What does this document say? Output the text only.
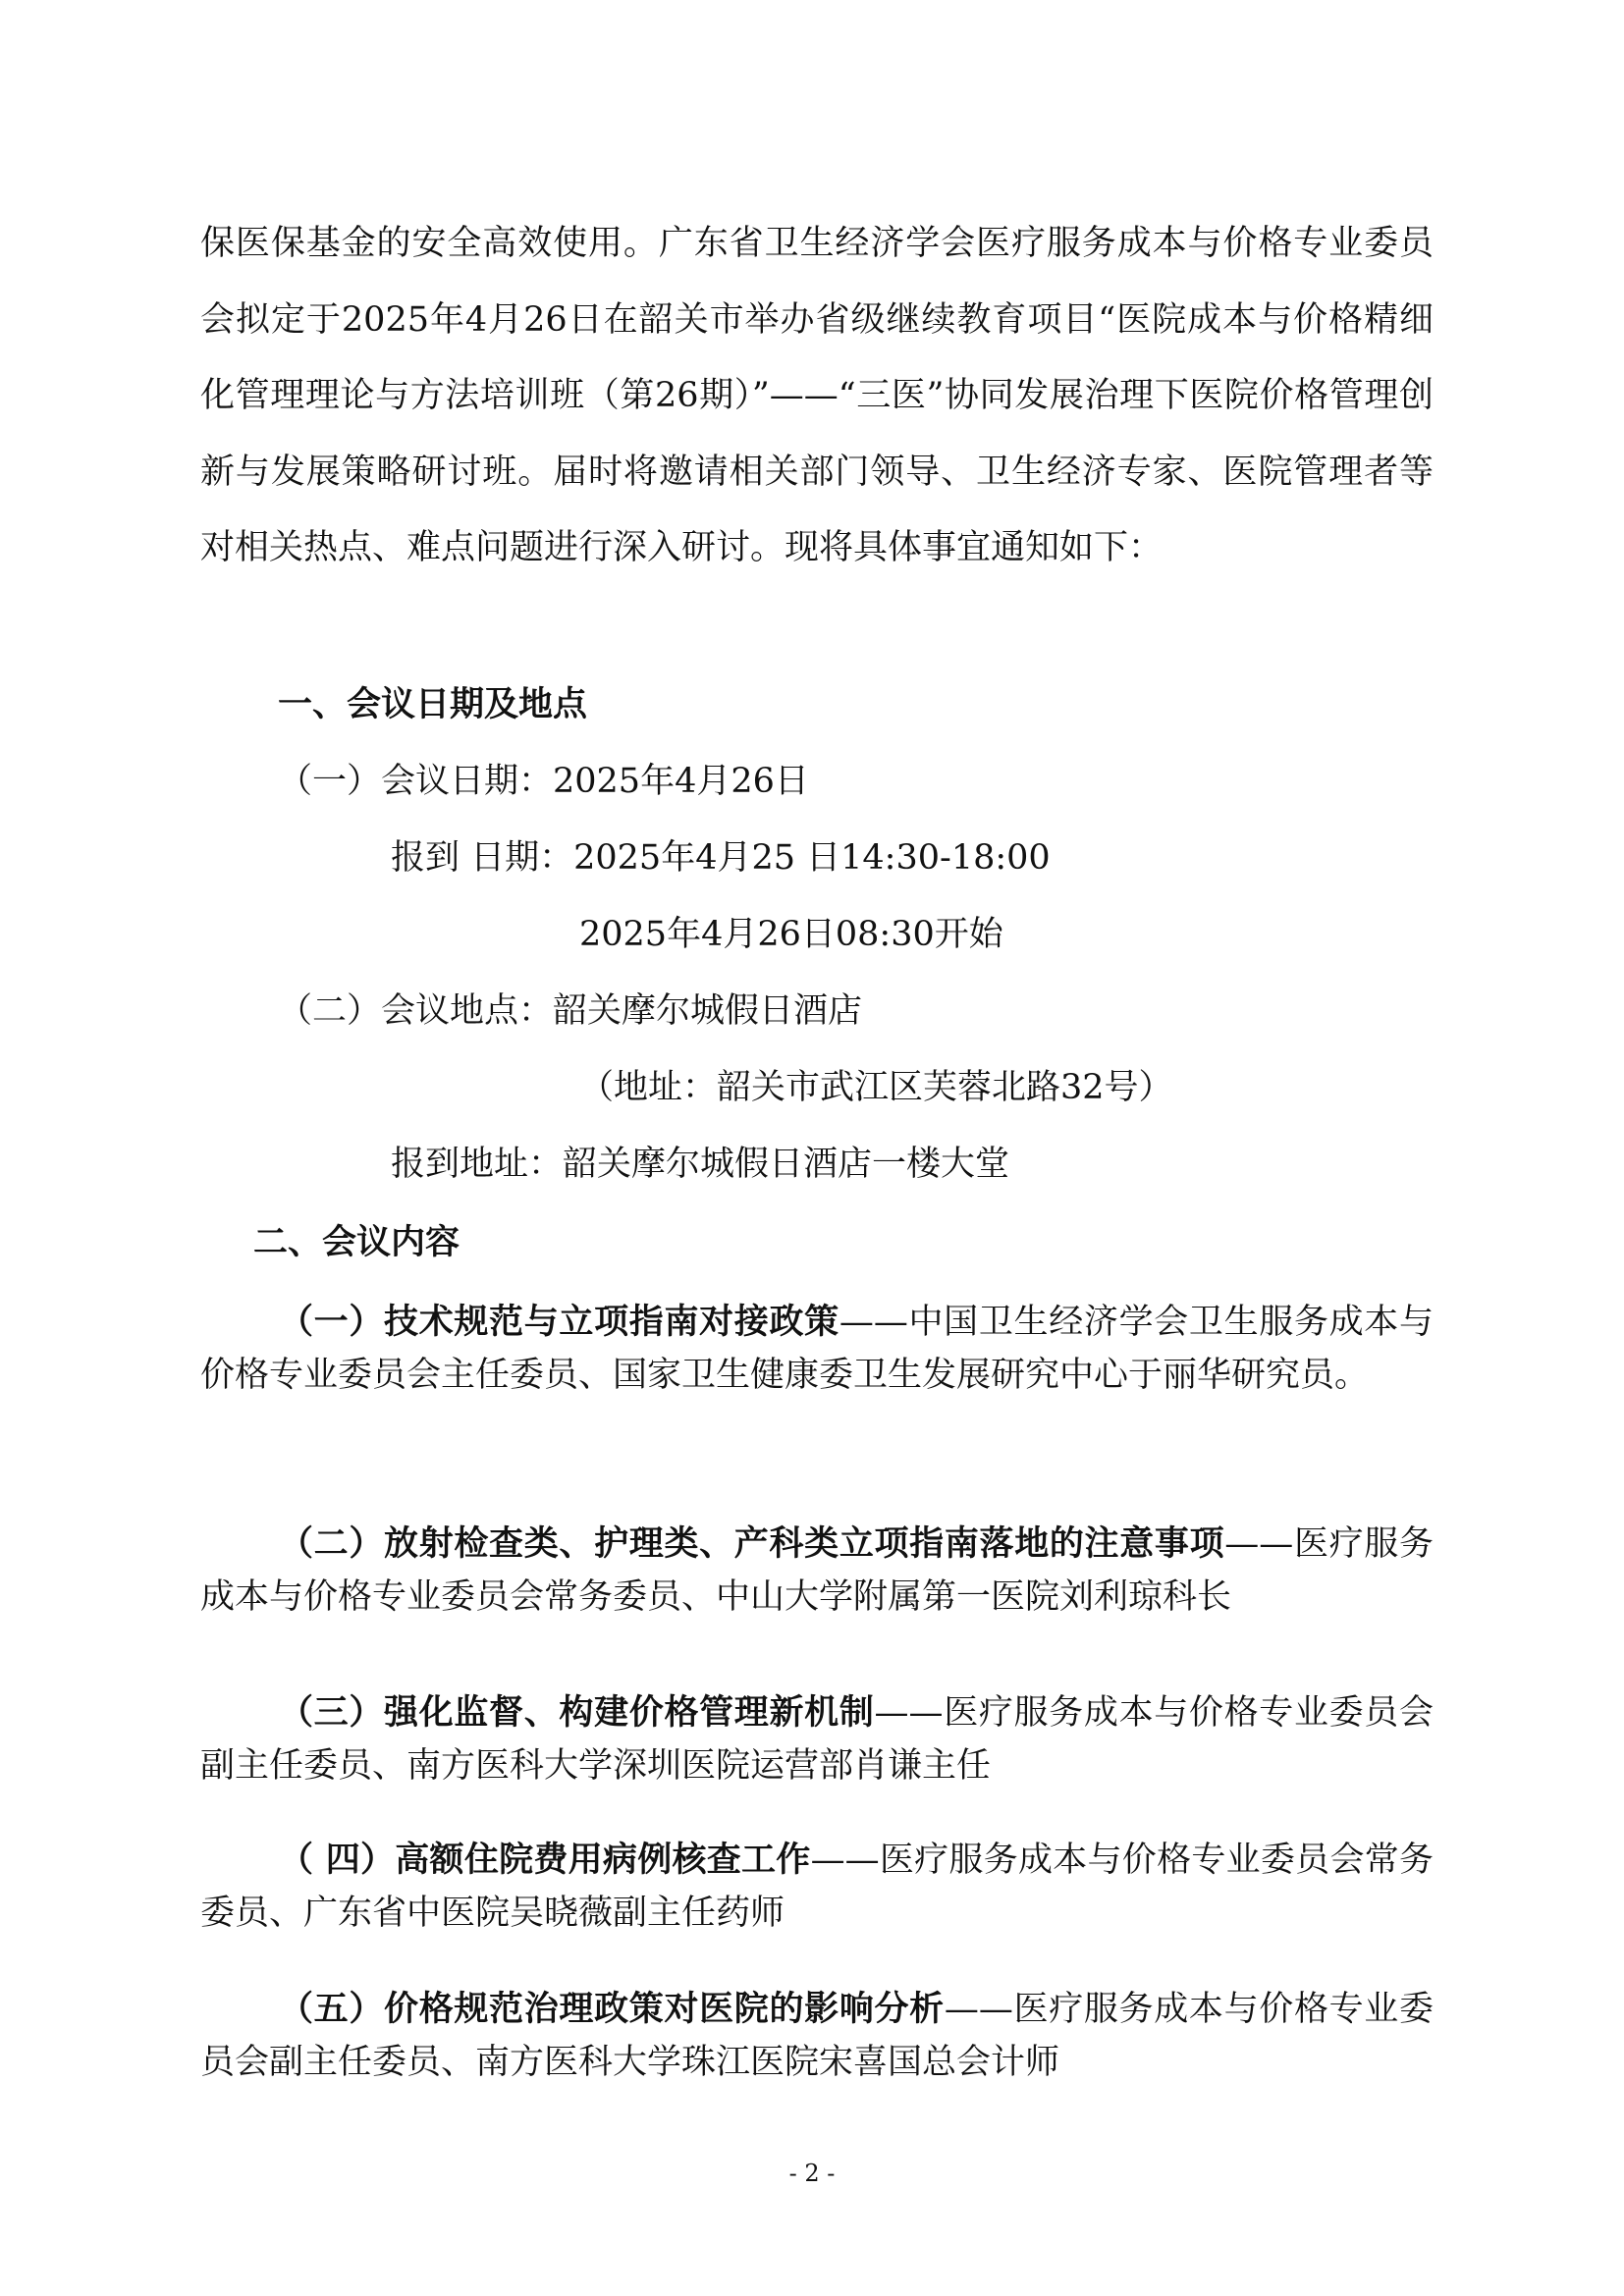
保医保基金的安全高效使用。广东省卫生经济学会医疗服务成本与价格专业委员会拟定于2025年4月26日在韶关市举办省级继续教育项目“医院成本与价格精细化管理理论与方法培训班（第26期）”——“三医”协同发展治理下医院价格管理创新与发展策略研讨班。届时将邀请相关部门领导、卫生经济专家、医院管理者等对相关热点、难点问题进行深入研讨。现将具体事宜通知如下：

一、会议日期及地点
（一）会议日期：2025年4月26日
报到 日期：2025年4月25 日14:30-18:00
2025年4月26日08:30开始
（二）会议地点：韶关摩尔城假日酒店
（地址：韶关市武江区芙蓉北路32号）
报到地址：韶关摩尔城假日酒店一楼大堂
二、会议内容

（一）技术规范与立项指南对接政策——中国卫生经济学会卫生服务成本与价格专业委员会主任委员、国家卫生健康委卫生发展研究中心于丽华研究员。

（二）放射检查类、护理类、产科类立项指南落地的注意事项——医疗服务成本与价格专业委员会常务委员、中山大学附属第一医院刘利琼科长

（三）强化监督、构建价格管理新机制——医疗服务成本与价格专业委员会副主任委员、南方医科大学深圳医院运营部肖谦主任

（ 四）高额住院费用病例核查工作——医疗服务成本与价格专业委员会常务委员、广东省中医院吴晓薇副主任药师

（五）价格规范治理政策对医院的影响分析——医疗服务成本与价格专业委员会副主任委员、南方医科大学珠江医院宋喜国总会计师

- 2 -
